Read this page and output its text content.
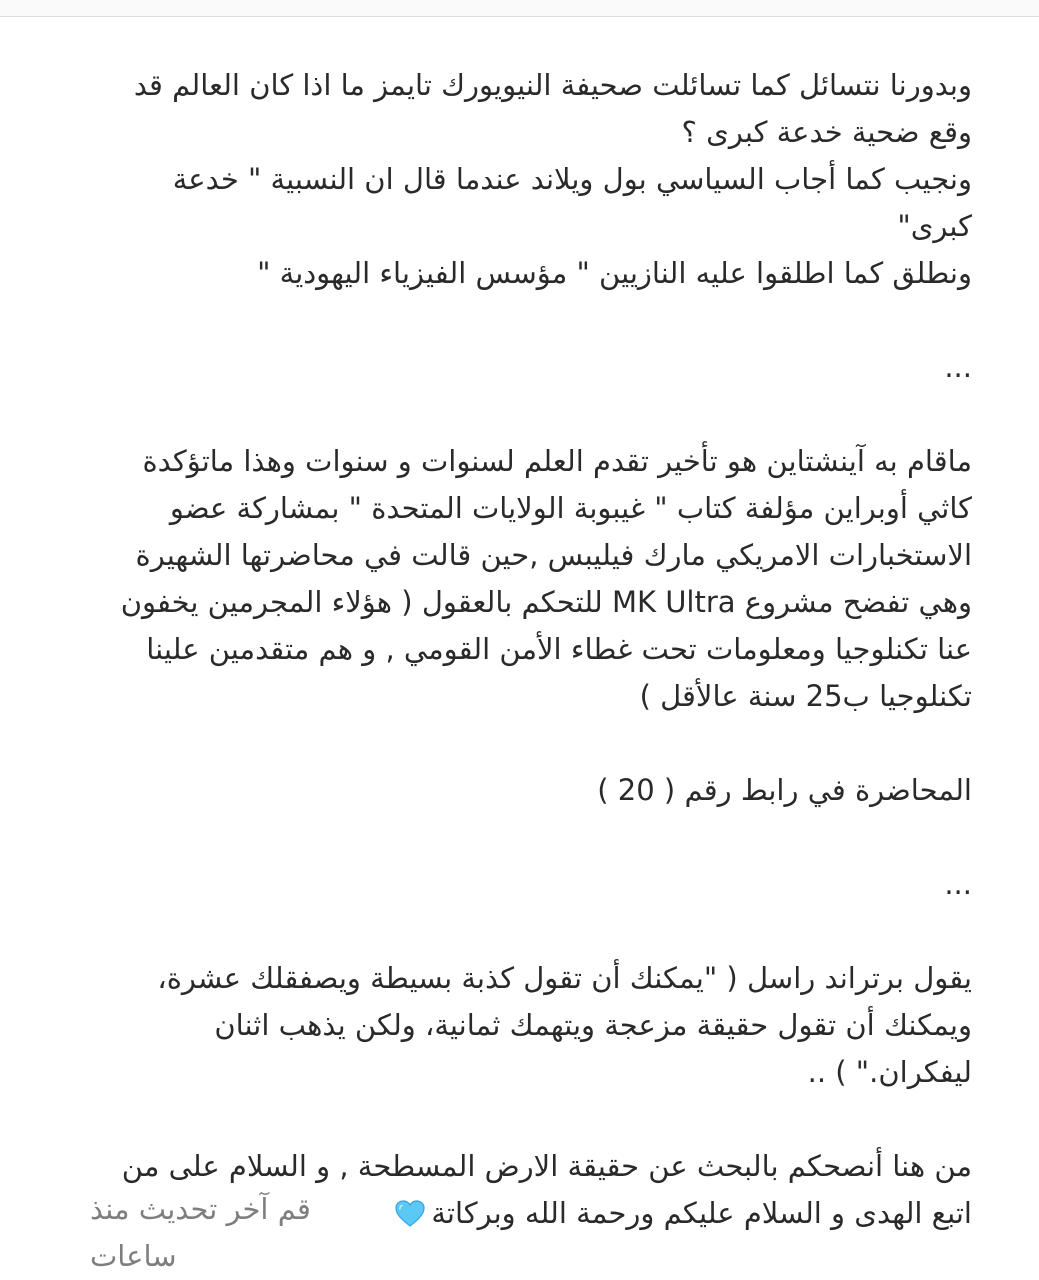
وبدورنا نتسائل كما تسائلت صحيفة النيويورك تايمز ما اذا كان العالم قد وقع ضحية خدعة كبرى ؟
ونجيب كما أجاب السياسي بول ويلاند عندما قال ان النسبية " خدعة كبرى"
ونطلق كما اطلقوا عليه النازيين " مؤسس الفيزياء اليهودية "

...

ماقام به آينشتاين هو تأخير تقدم العلم لسنوات و سنوات وهذا ماتؤكدة كاثي أوبراين مؤلفة كتاب " غيبوبة الولايات المتحدة " بمشاركة عضو الاستخبارات الامريكي مارك فيليبس ,حين قالت في محاضرتها الشهيرة وهي تفضح مشروع MK Ultra للتحكم بالعقول ( هؤلاء المجرمين يخفون عنا تكنلوجيا ومعلومات تحت غطاء الأمن القومي , و هم متقدمين علينا تكنلوجيا ب25 سنة عالأقل )

المحاضرة في رابط رقم ( 20 )

...

يقول برتراند راسل ( "يمكنك أن تقول كذبة بسيطة ويصفقلك عشرة، ويمكنك أن تقول حقيقة مزعجة ويتهمك ثمانية، ولكن يذهب اثنان ليفكران." ) ..

من هنا أنصحكم بالبحث عن حقيقة الارض المسطحة , و السلام على من اتبع الهدى و السلام عليكم ورحمة الله وبركاتة

قم آخر تحديث منذ ساعات
